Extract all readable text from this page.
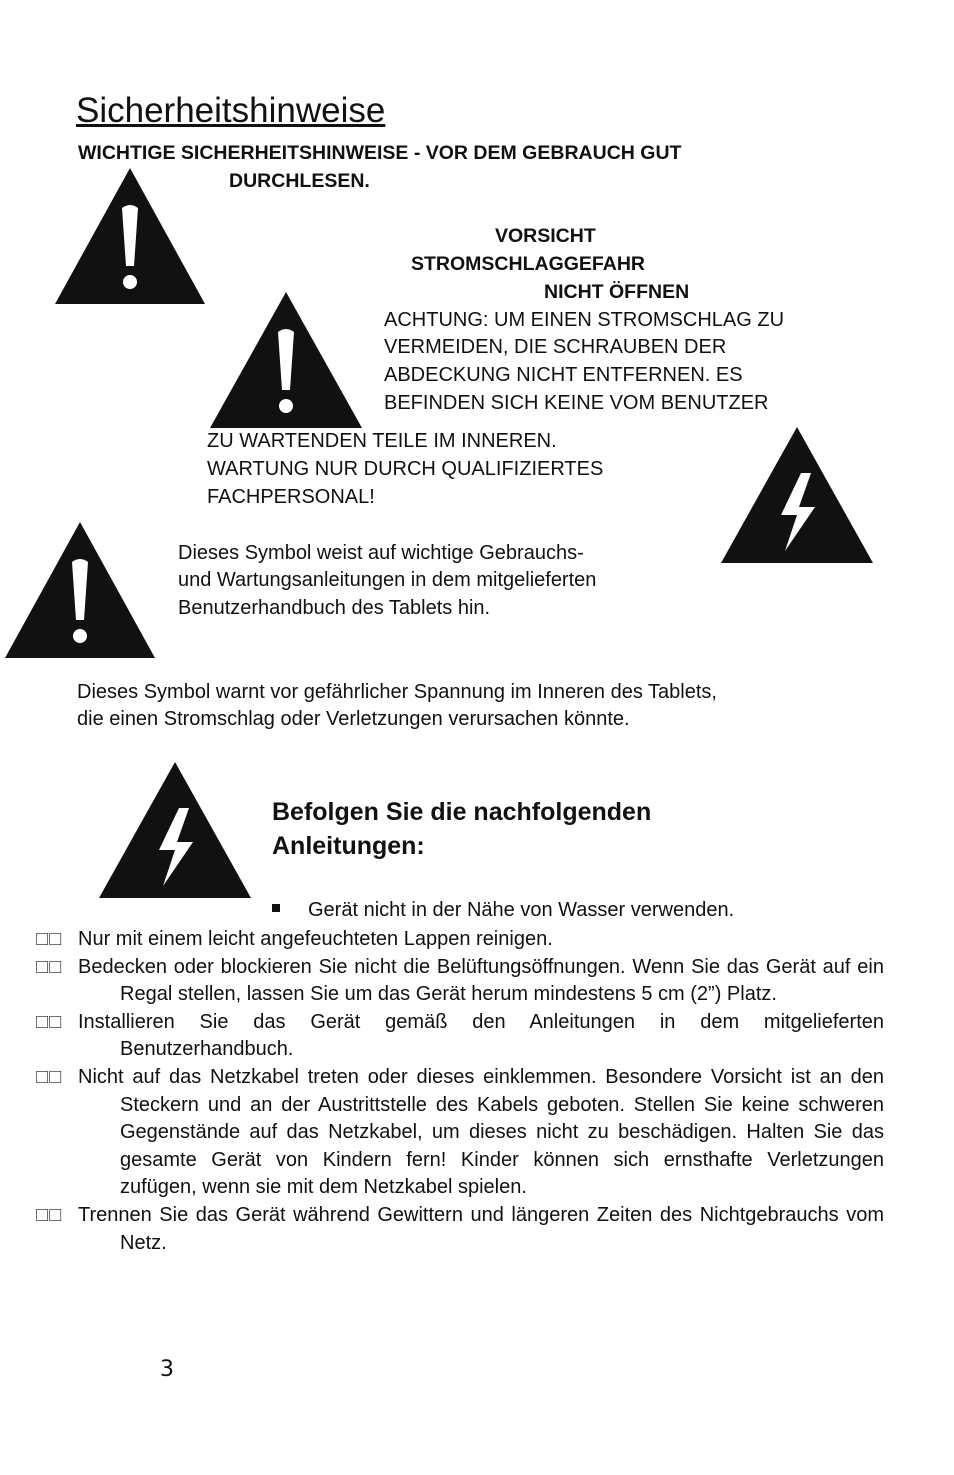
Sicherheitshinweise
WICHTIGE SICHERHEITSHINWEISE - VOR DEM GEBRAUCH GUT
DURCHLESEN.
VORSICHT
STROMSCHLAGGEFAHR
NICHT ÖFFNEN
ACHTUNG: UM EINEN STROMSCHLAG ZU
VERMEIDEN, DIE SCHRAUBEN DER
ABDECKUNG NICHT ENTFERNEN. ES
BEFINDEN SICH KEINE VOM BENUTZER
ZU WARTENDEN TEILE IM INNEREN.
WARTUNG NUR DURCH QUALIFIZIERTES
FACHPERSONAL!
Dieses Symbol weist auf wichtige Gebrauchs-
und Wartungsanleitungen in dem mitgelieferten
Benutzerhandbuch des Tablets hin.
Dieses Symbol warnt vor gefährlicher Spannung im Inneren des Tablets,
die einen Stromschlag oder Verletzungen verursachen könnte.
Befolgen Sie die nachfolgenden
Anleitungen:
Gerät nicht in der Nähe von Wasser verwenden.
□□ Nur mit einem leicht angefeuchteten Lappen reinigen.
□□ Bedecken oder blockieren Sie nicht die Belüftungsöffnungen. Wenn Sie das Gerät auf ein Regal stellen, lassen Sie um das Gerät herum mindestens 5 cm (2”) Platz.
□□ Installieren Sie das Gerät gemäß den Anleitungen in dem mitgelieferten Benutzerhandbuch.
□□ Nicht auf das Netzkabel treten oder dieses einklemmen. Besondere Vorsicht ist an den Steckern und an der Austrittstelle des Kabels geboten. Stellen Sie keine schweren Gegenstände auf das Netzkabel, um dieses nicht zu beschädigen. Halten Sie das gesamte Gerät von Kindern fern! Kinder können sich ernsthafte Verletzungen zufügen, wenn sie mit dem Netzkabel spielen.
□□ Trennen Sie das Gerät während Gewittern und längeren Zeiten des Nichtgebrauchs vom Netz.
3
